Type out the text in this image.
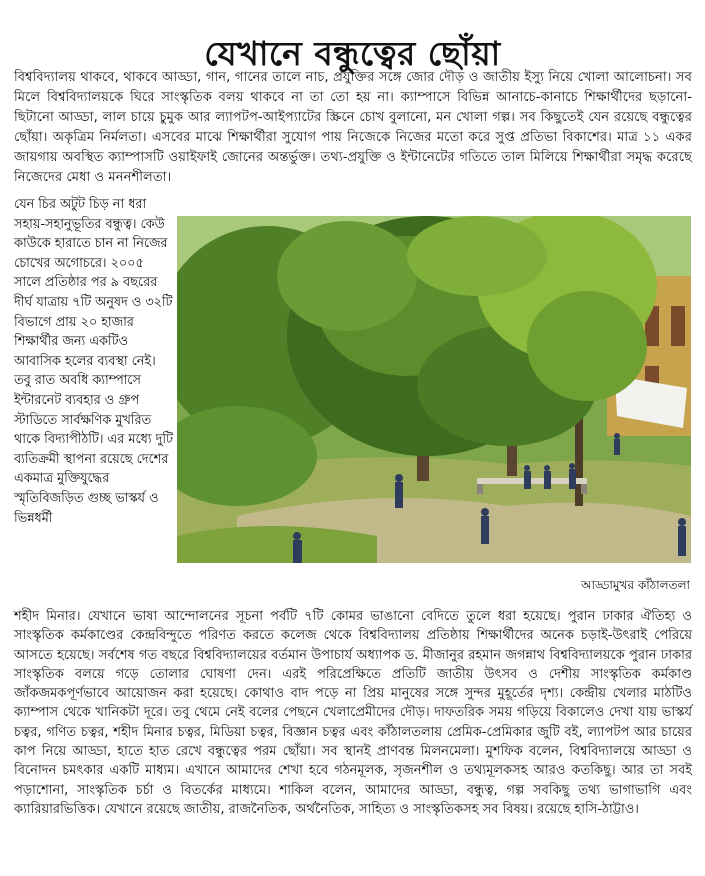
যেখানে বন্ধুত্বের ছোঁয়া

বিশ্ববিদ্যালয় থাকবে, থাকবে আড্ডা, গান, গানের তালে নাচ, প্রযুক্তির সঙ্গে জোর দৌড় ও জাতীয় ইস্যু নিয়ে খোলা আলোচনা। সব মিলে বিশ্ববিদ্যালয়কে ঘিরে সাংস্কৃতিক বলয় থাকবে না তা তো হয় না। ক্যাম্পাসে বিভিন্ন আনাচে-কানাচে শিক্ষার্থীদের ছড়ানো-ছিটানো আড্ডা, লাল চায়ে চুমুক আর ল্যাপটপ-আইপ্যাটের স্ক্রিনে চোখ বুলানো, মন খোলা গল্প। সব কিছুতেই যেন রয়েছে বন্ধুত্বের ছোঁয়া। অকৃত্রিম নির্মলতা। এসবের মাঝে শিক্ষার্থীরা সুযোগ পায় নিজেকে নিজের মতো করে সুপ্ত প্রতিভা বিকাশের। মাত্র ১১ একর জায়গায় অবস্থিত ক্যাম্পাসটি ওয়াইফাই জোনের অন্তর্ভুক্ত। তথ্য-প্রযুক্তি ও ইন্টানেটের গতিতে তাল মিলিয়ে শিক্ষার্থীরা সমৃদ্ধ করেছে নিজেদের মেধা ও মননশীলতা।

যেন চির অটুট চিড় না ধরা সহায়-সহানুভূতির বন্ধুত্ব। কেউ কাউকে হারাতে চান না নিজের চোখের অগোচরে। ২০০৫ সালে প্রতিষ্ঠার পর ৯ বছরের দীর্ঘ যাত্রায় ৭টি অনুষদ ও ৩২টি বিভাগে প্রায় ২০ হাজার শিক্ষার্থীর জন্য একটিও আবাসিক হলের ব্যবস্থা নেই। তবু রাত অবধি ক্যাম্পাসে ইন্টারনেট ব্যবহার ও গ্রুপ স্টাডিতে সার্বক্ষণিক মুখরিত থাকে বিদ্যাপীঠটি। এর মধ্যে দুটি ব্যতিক্রমী স্থাপনা রয়েছে দেশের একমাত্র মুক্তিযুদ্ধের স্মৃতিবিজড়িত গুচ্ছ ভাস্কর্য ও ভিন্নধর্মী

আড্ডামুখর কাঁঠালতলা

শহীদ মিনার। যেখানে ভাষা আন্দোলনের সূচনা পর্বটি ৭টি কোমর ভাঙানো বেদিতে তুলে ধরা হয়েছে। পুরান ঢাকার ঐতিহ্য ও সাংস্কৃতিক কর্মকাণ্ডের কেন্দ্রবিন্দুতে পরিণত করতে কলেজ থেকে বিশ্ববিদ্যালয় প্রতিষ্ঠায় শিক্ষার্থীদের অনেক চড়াই-উৎরাই পেরিয়ে আসতে হয়েছে। সর্বশেষ গত বছরে বিশ্ববিদ্যালয়ের বর্তমান উপাচার্য অধ্যাপক ড. মীজানুর রহমান জগন্নাথ বিশ্ববিদ্যালয়কে পুরান ঢাকার সাংস্কৃতিক বলয়ে গড়ে তোলার ঘোষণা দেন। এরই পরিপ্রেক্ষিতে প্রতিটি জাতীয় উৎসব ও দেশীয় সাংস্কৃতিক কর্মকাণ্ড জাঁকজমকপূর্ণভাবে আয়োজন করা হয়েছে। কোথাও বাদ পড়ে না প্রিয় মানুষের সঙ্গে সুন্দর মুহূর্তের দৃশ্য। কেন্দ্রীয় খেলার মাঠটিও ক্যাম্পাস থেকে খানিকটা দূরে। তবু থেমে নেই বলের পেছনে খেলাপ্রেমীদের দৌড়। দাফতরিক সময় গড়িয়ে বিকালেও দেখা যায় ভাস্কর্য চত্বর, গণিত চত্বর, শহীদ মিনার চত্বর, মিডিয়া চত্বর, বিজ্ঞান চত্বর এবং কাঁঠালতলায় প্রেমিক-প্রেমিকার জুটি বই, ল্যাপটপ আর চায়ের কাপ নিয়ে আড্ডা, হাতে হাত রেখে বন্ধুত্বের পরম ছোঁয়া। সব স্থানই প্রাণবন্ত মিলনমেলা। মুশফিক বলেন, বিশ্ববিদ্যালয়ে আড্ডা ও বিনোদন চমৎকার একটি মাধ্যম। এখানে আমাদের শেখা হবে গঠনমূলক, সৃজনশীল ও তথ্যমূলকসহ আরও কতকিছু। আর তা সবই পড়াশোনা, সাংস্কৃতিক চর্চা ও বিতর্কের মাধ্যমে। শাকিল বলেন, আমাদের আড্ডা, বন্ধুত্ব, গল্প সবকিছু তথ্য ভাগাভাগি এবং ক্যারিয়ারভিত্তিক। যেখানে রয়েছে জাতীয়, রাজনৈতিক, অর্থনৈতিক, সাহিত্য ও সাংস্কৃতিকসহ সব বিষয়। রয়েছে হাসি-ঠাট্টাও।
